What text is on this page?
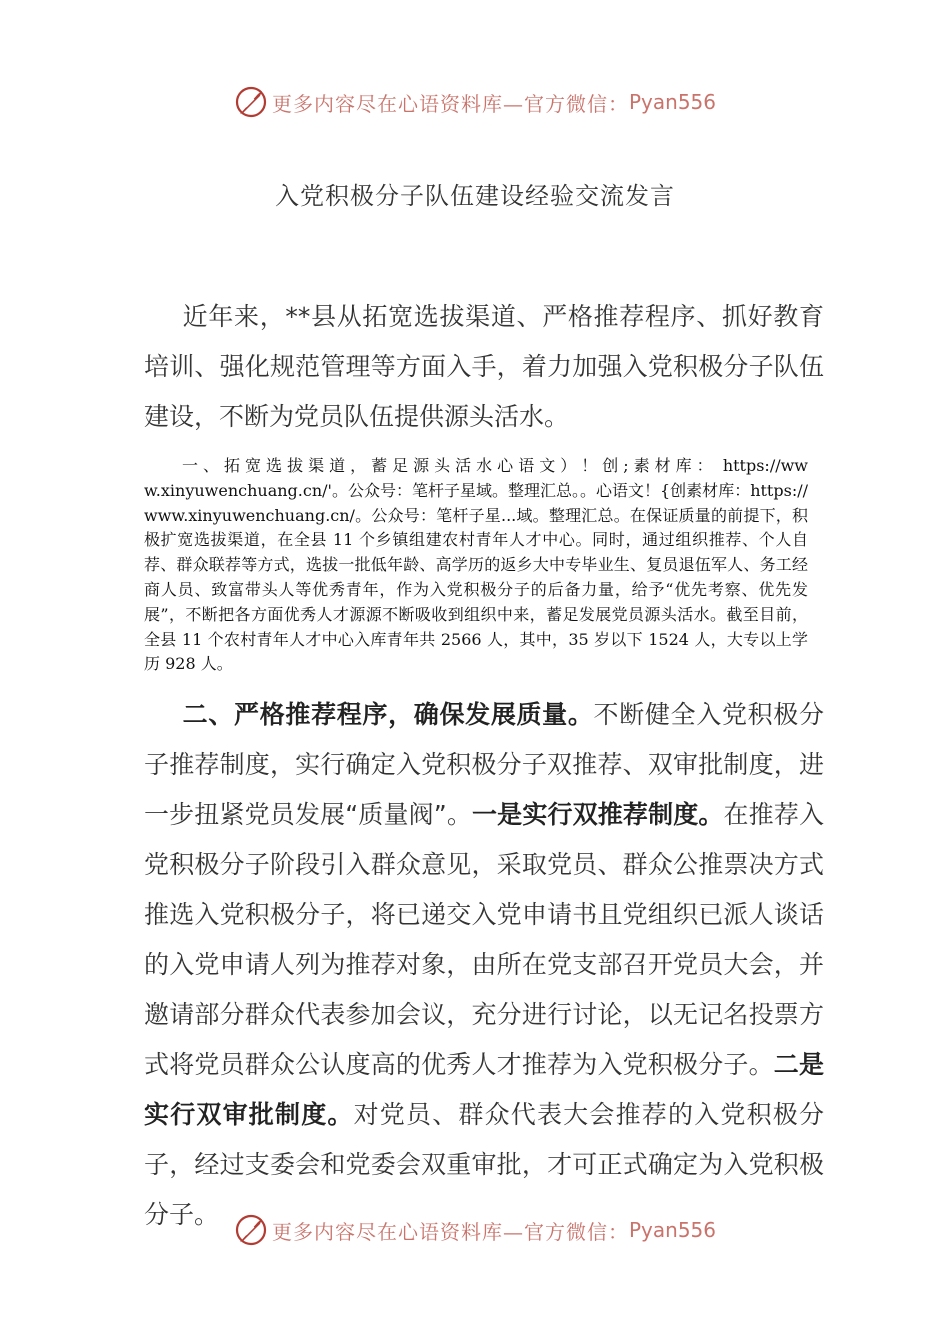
更多内容尽在心语资料库—官方微信： Pyan556
入党积极分子队伍建设经验交流发言

近年来，**县从拓宽选拔渠道、严格推荐程序、抓好教育培训、强化规范管理等方面入手，着力加强入党积极分子队伍建设，不断为党员队伍提供源头活水。

一、拓宽选拔渠道，蓄足源头活水心语文）！创;素材库： https://www.xinyuwenchuang.cn/'。公众号：笔杆子星域。整理汇总。。心语文！{创素材库：https://www.xinyuwenchuang.cn/。公众号：笔杆子星...域。整理汇总。在保证质量的前提下，积极扩宽选拔渠道，在全县 11 个乡镇组建农村青年人才中心。同时，通过组织推荐、个人自荐、群众联荐等方式，选拔一批低年龄、高学历的返乡大中专毕业生、复员退伍军人、务工经商人员、致富带头人等优秀青年，作为入党积极分子的后备力量，给予“优先考察、优先发展”，不断把各方面优秀人才源源不断吸收到组织中来，蓄足发展党员源头活水。截至目前，全县 11 个农村青年人才中心入库青年共 2566 人，其中，35 岁以下 1524 人，大专以上学历 928 人。

二、严格推荐程序，确保发展质量。不断健全入党积极分子推荐制度，实行确定入党积极分子双推荐、双审批制度，进一步扭紧党员发展“质量阀”。一是实行双推荐制度。在推荐入党积极分子阶段引入群众意见，采取党员、群众公推票决方式推选入党积极分子，将已递交入党申请书且党组织已派人谈话的入党申请人列为推荐对象，由所在党支部召开党员大会，并邀请部分群众代表参加会议，充分进行讨论，以无记名投票方式将党员群众公认度高的优秀人才推荐为入党积极分子。二是实行双审批制度。对党员、群众代表大会推荐的入党积极分子，经过支委会和党委会双重审批，才可正式确定为入党积极分子。

更多内容尽在心语资料库—官方微信： Pyan556
